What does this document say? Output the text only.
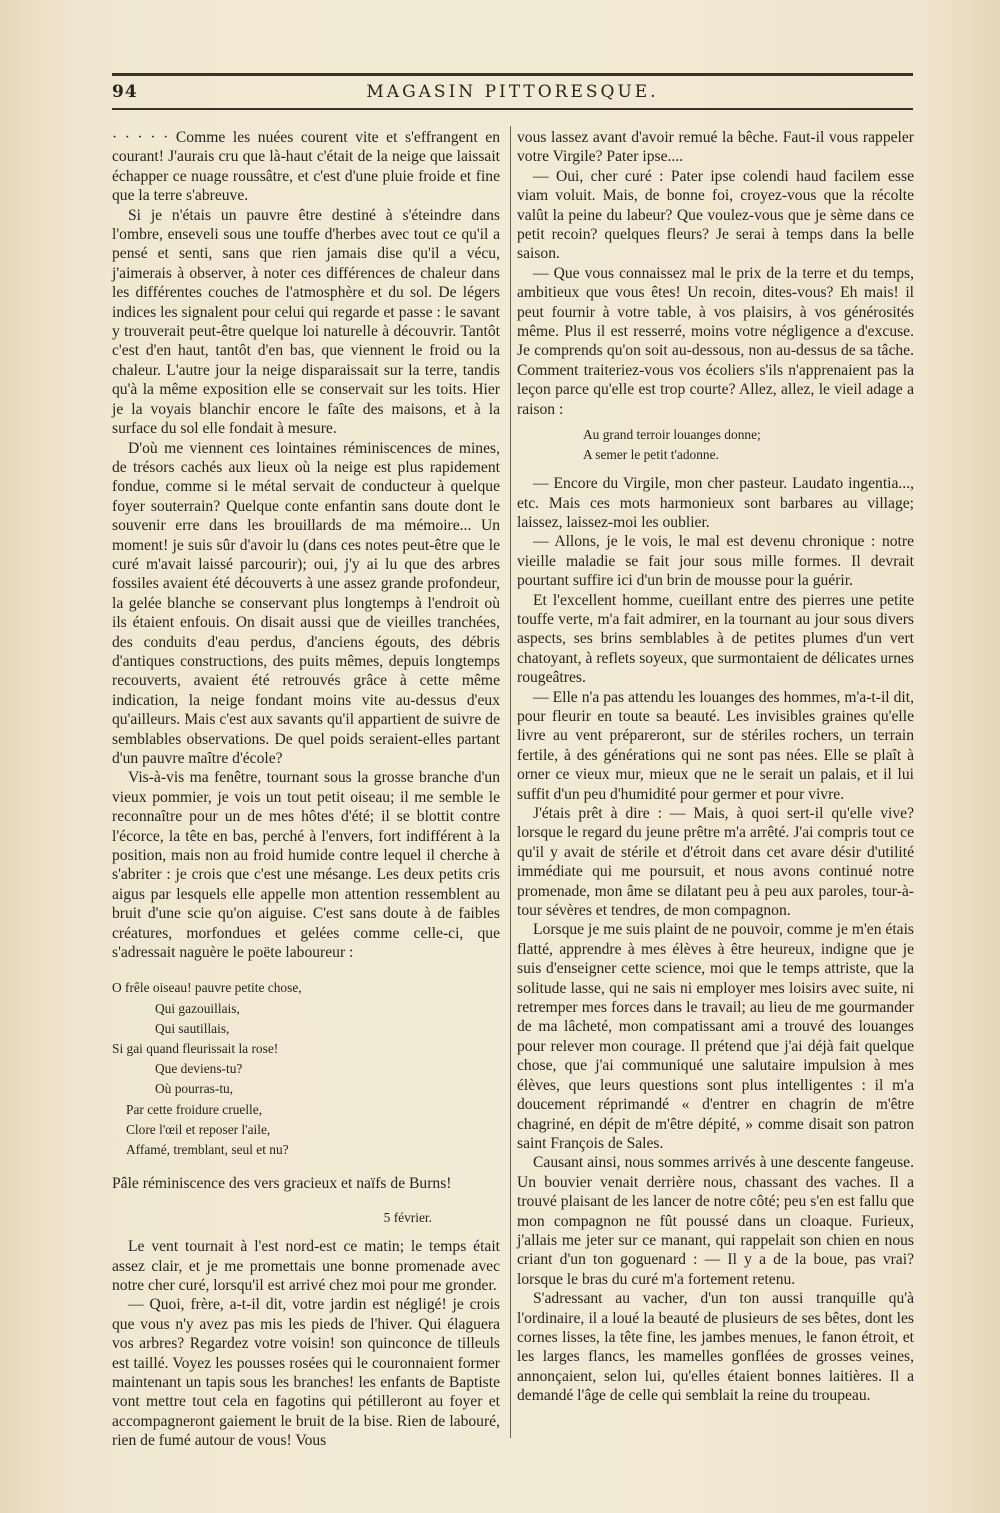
94	MAGASIN PITTORESQUE.

· · · · · Comme les nuées courent vite et s'effrangent en courant! J'aurais cru que là-haut c'était de la neige que laissait échapper ce nuage roussâtre, et c'est d'une pluie froide et fine que la terre s'abreuve.

Si je n'étais un pauvre être destiné à s'éteindre dans l'ombre, enseveli sous une touffe d'herbes avec tout ce qu'il a pensé et senti, sans que rien jamais dise qu'il a vécu, j'aimerais à observer, à noter ces différences de chaleur dans les différentes couches de l'atmosphère et du sol. De légers indices les signalent pour celui qui regarde et passe : le savant y trouverait peut-être quelque loi naturelle à découvrir. Tantôt c'est d'en haut, tantôt d'en bas, que viennent le froid ou la chaleur. L'autre jour la neige disparaissait sur la terre, tandis qu'à la même exposition elle se conservait sur les toits. Hier je la voyais blanchir encore le faîte des maisons, et à la surface du sol elle fondait à mesure.

D'où me viennent ces lointaines réminiscences de mines, de trésors cachés aux lieux où la neige est plus rapidement fondue, comme si le métal servait de conducteur à quelque foyer souterrain? Quelque conte enfantin sans doute dont le souvenir erre dans les brouillards de ma mémoire... Un moment! je suis sûr d'avoir lu (dans ces notes peut-être que le curé m'avait laissé parcourir); oui, j'y ai lu que des arbres fossiles avaient été découverts à une assez grande profondeur, la gelée blanche se conservant plus longtemps à l'endroit où ils étaient enfouis. On disait aussi que de vieilles tranchées, des conduits d'eau perdus, d'anciens égouts, des débris d'antiques constructions, des puits mêmes, depuis longtemps recouverts, avaient été retrouvés grâce à cette même indication, la neige fondant moins vite au-dessus d'eux qu'ailleurs. Mais c'est aux savants qu'il appartient de suivre de semblables observations. De quel poids seraient-elles partant d'un pauvre maître d'école?

Vis-à-vis ma fenêtre, tournant sous la grosse branche d'un vieux pommier, je vois un tout petit oiseau; il me semble le reconnaître pour un de mes hôtes d'été; il se blottit contre l'écorce, la tête en bas, perché à l'envers, fort indifférent à la position, mais non au froid humide contre lequel il cherche à s'abriter : je crois que c'est une mésange. Les deux petits cris aigus par lesquels elle appelle mon attention ressemblent au bruit d'une scie qu'on aiguise. C'est sans doute à de faibles créatures, morfondues et gelées comme celle-ci, que s'adressait naguère le poëte laboureur :

O frêle oiseau! pauvre petite chose,
Qui gazouillais,
Qui sautillais,
Si gai quand fleurissait la rose!
Que deviens-tu?
Où pourras-tu,
Par cette froidure cruelle,
Clore l'œil et reposer l'aile,
Affamé, tremblant, seul et nu?

Pâle réminiscence des vers gracieux et naïfs de Burns!

5 février.

Le vent tournait à l'est nord-est ce matin; le temps était assez clair, et je me promettais une bonne promenade avec notre cher curé, lorsqu'il est arrivé chez moi pour me gronder.

— Quoi, frère, a-t-il dit, votre jardin est négligé! je crois que vous n'y avez pas mis les pieds de l'hiver. Qui élaguera vos arbres? Regardez votre voisin! son quinconce de tilleuls est taillé. Voyez les pousses rosées qui le couronnaient former maintenant un tapis sous les branches! les enfants de Baptiste vont mettre tout cela en fagotins qui pétilleront au foyer et accompagneront gaiement le bruit de la bise. Rien de labouré, rien de fumé autour de vous! Vous

vous lassez avant d'avoir remué la bêche. Faut-il vous rappeler votre Virgile? Pater ipse....

— Oui, cher curé : Pater ipse colendi haud facilem esse viam voluit. Mais, de bonne foi, croyez-vous que la récolte valût la peine du labeur? Que voulez-vous que je sème dans ce petit recoin? quelques fleurs? Je serai à temps dans la belle saison.

— Que vous connaissez mal le prix de la terre et du temps, ambitieux que vous êtes! Un recoin, dites-vous? Eh mais! il peut fournir à votre table, à vos plaisirs, à vos générosités même. Plus il est resserré, moins votre négligence a d'excuse. Je comprends qu'on soit au-dessous, non au-dessus de sa tâche. Comment traiteriez-vous vos écoliers s'ils n'apprenaient pas la leçon parce qu'elle est trop courte? Allez, allez, le vieil adage a raison :

Au grand terroir louanges donne;
A semer le petit t'adonne.

— Encore du Virgile, mon cher pasteur. Laudato ingentia..., etc. Mais ces mots harmonieux sont barbares au village; laissez, laissez-moi les oublier.

— Allons, je le vois, le mal est devenu chronique : notre vieille maladie se fait jour sous mille formes. Il devrait pourtant suffire ici d'un brin de mousse pour la guérir.

Et l'excellent homme, cueillant entre des pierres une petite touffe verte, m'a fait admirer, en la tournant au jour sous divers aspects, ses brins semblables à de petites plumes d'un vert chatoyant, à reflets soyeux, que surmontaient de délicates urnes rougeâtres.

— Elle n'a pas attendu les louanges des hommes, m'a-t-il dit, pour fleurir en toute sa beauté. Les invisibles graines qu'elle livre au vent prépareront, sur de stériles rochers, un terrain fertile, à des générations qui ne sont pas nées. Elle se plaît à orner ce vieux mur, mieux que ne le serait un palais, et il lui suffit d'un peu d'humidité pour germer et pour vivre.

J'étais prêt à dire : — Mais, à quoi sert-il qu'elle vive? lorsque le regard du jeune prêtre m'a arrêté. J'ai compris tout ce qu'il y avait de stérile et d'étroit dans cet avare désir d'utilité immédiate qui me poursuit, et nous avons continué notre promenade, mon âme se dilatant peu à peu aux paroles, tour-à-tour sévères et tendres, de mon compagnon.

Lorsque je me suis plaint de ne pouvoir, comme je m'en étais flatté, apprendre à mes élèves à être heureux, indigne que je suis d'enseigner cette science, moi que le temps attriste, que la solitude lasse, qui ne sais ni employer mes loisirs avec suite, ni retremper mes forces dans le travail; au lieu de me gourmander de ma lâcheté, mon compatissant ami a trouvé des louanges pour relever mon courage. Il prétend que j'ai déjà fait quelque chose, que j'ai communiqué une salutaire impulsion à mes élèves, que leurs questions sont plus intelligentes : il m'a doucement réprimandé « d'entrer en chagrin de m'être chagriné, en dépit de m'être dépité, » comme disait son patron saint François de Sales.

Causant ainsi, nous sommes arrivés à une descente fangeuse. Un bouvier venait derrière nous, chassant des vaches. Il a trouvé plaisant de les lancer de notre côté; peu s'en est fallu que mon compagnon ne fût poussé dans un cloaque. Furieux, j'allais me jeter sur ce manant, qui rappelait son chien en nous criant d'un ton goguenard : — Il y a de la boue, pas vrai? lorsque le bras du curé m'a fortement retenu.

S'adressant au vacher, d'un ton aussi tranquille qu'à l'ordinaire, il a loué la beauté de plusieurs de ses bêtes, dont les cornes lisses, la tête fine, les jambes menues, le fanon étroit, et les larges flancs, les mamelles gonflées de grosses veines, annonçaient, selon lui, qu'elles étaient bonnes laitières. Il a demandé l'âge de celle qui semblait la reine du troupeau.
